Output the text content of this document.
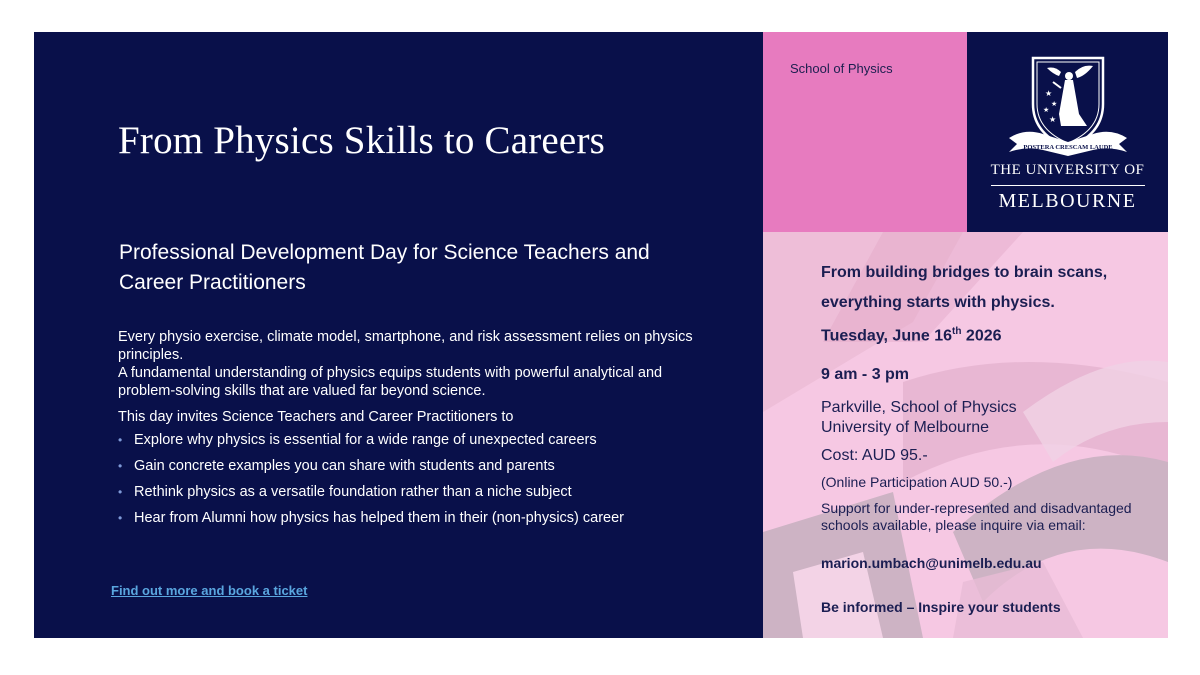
From Physics Skills to Careers
Professional Development Day for Science Teachers and Career Practitioners

Every physio exercise, climate model, smartphone, and risk assessment relies on physics principles.

A fundamental understanding of physics equips students with powerful analytical and problem-solving skills that are valued far beyond science.

This day invites Science Teachers and Career Practitioners to

• Explore why physics is essential for a wide range of unexpected careers
• Gain concrete examples you can share with students and parents
• Rethink physics as a versatile foundation rather than a niche subject
• Hear from Alumni how physics has helped them in their (non-physics) career
Find out more and book a ticket
School of Physics
★
★
★
★
POSTERA CRESCAM LAUDE
THE UNIVERSITY OF
MELBOURNE
From building bridges to brain scans, everything starts with physics.
Tuesday, June 16th 2026
9 am - 3 pm
Parkville, School of Physics
University of Melbourne
Cost: AUD 95.-
(Online Participation AUD 50.-)
Support for under-represented and disadvantaged schools available, please inquire via email:
marion.umbach@unimelb.edu.au
Be informed – Inspire your students
